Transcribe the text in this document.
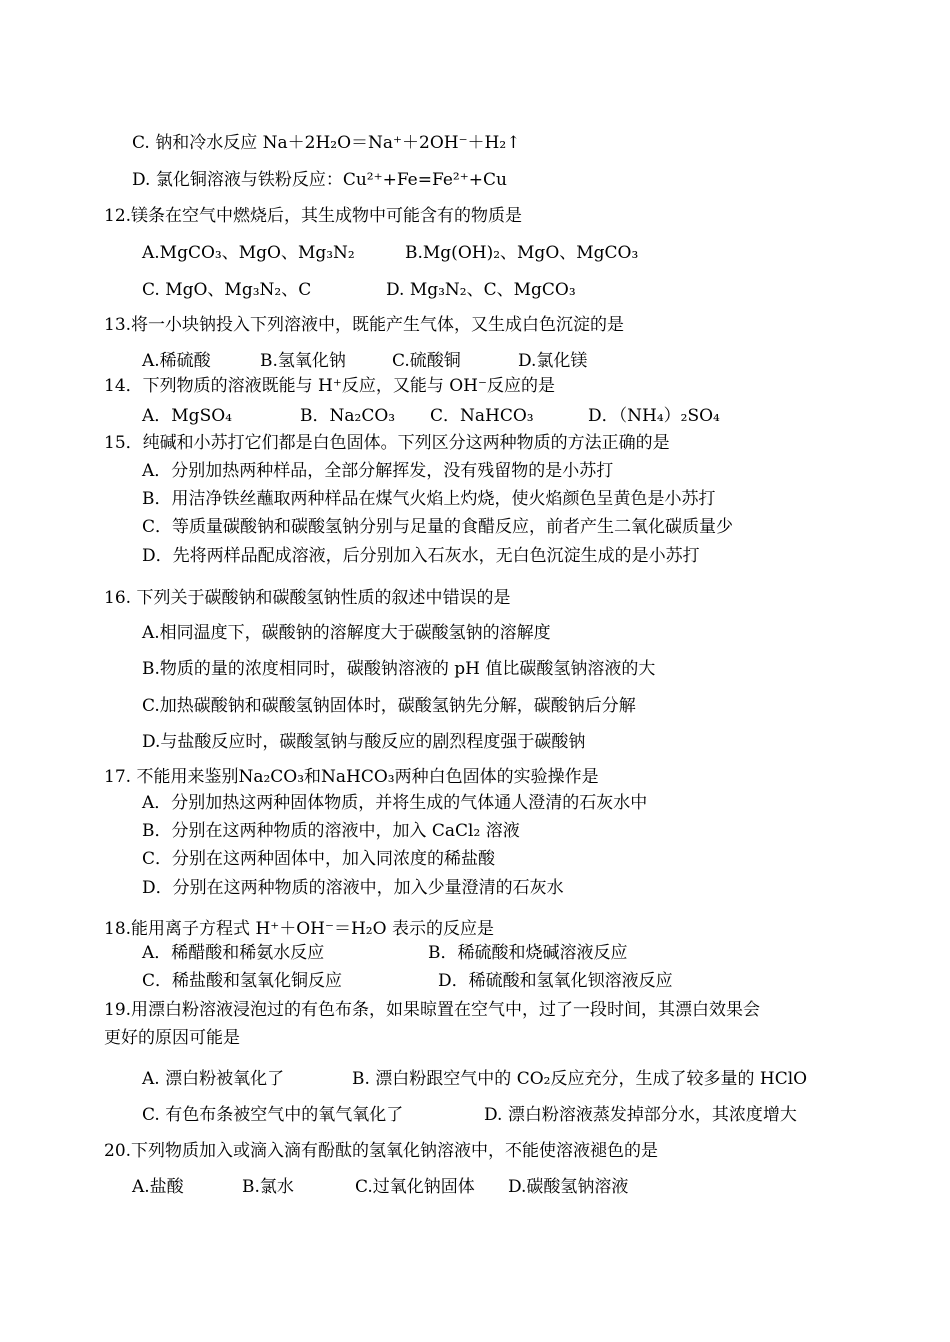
C. 钠和冷水反应 Na＋2H₂O＝Na⁺＋2OH⁻＋H₂↑
D. 氯化铜溶液与铁粉反应：Cu²⁺+Fe=Fe²⁺+Cu
12.镁条在空气中燃烧后，其生成物中可能含有的物质是
A.MgCO₃、MgO、Mg₃N₂	B.Mg(OH)₂、MgO、MgCO₃
C. MgO、Mg₃N₂、C	D. Mg₃N₂、C、MgCO₃
13.将一小块钠投入下列溶液中，既能产生气体，又生成白色沉淀的是
A.稀硫酸	B.氢氧化钠	C.硫酸铜	D.氯化镁
14．下列物质的溶液既能与 H⁺反应，又能与 OH⁻反应的是
A．MgSO₄	B．Na₂CO₃ C．NaHCO₃	D．（NH₄）₂SO₄
15．纯碱和小苏打它们都是白色固体。下列区分这两种物质的方法正确的是
A．分别加热两种样品，全部分解挥发，没有残留物的是小苏打
B．用洁净铁丝蘸取两种样品在煤气火焰上灼烧，使火焰颜色呈黄色是小苏打
C．等质量碳酸钠和碳酸氢钠分别与足量的食醋反应，前者产生二氧化碳质量少
D．先将两样品配成溶液，后分别加入石灰水，无白色沉淀生成的是小苏打
16. 下列关于碳酸钠和碳酸氢钠性质的叙述中错误的是
A.相同温度下，碳酸钠的溶解度大于碳酸氢钠的溶解度
B.物质的量的浓度相同时，碳酸钠溶液的 pH 值比碳酸氢钠溶液的大
C.加热碳酸钠和碳酸氢钠固体时，碳酸氢钠先分解，碳酸钠后分解
D.与盐酸反应时，碳酸氢钠与酸反应的剧烈程度强于碳酸钠
17. 不能用来鉴别Na₂CO₃和NaHCO₃两种白色固体的实验操作是
A．分别加热这两种固体物质，并将生成的气体通人澄清的石灰水中
B．分别在这两种物质的溶液中，加入 CaCl₂ 溶液
C．分别在这两种固体中，加入同浓度的稀盐酸
D．分别在这两种物质的溶液中，加入少量澄清的石灰水
18.能用离子方程式 H⁺＋OH⁻＝H₂O 表示的反应是
A．稀醋酸和稀氨水反应	B．稀硫酸和烧碱溶液反应
C．稀盐酸和氢氧化铜反应	D．稀硫酸和氢氧化钡溶液反应
19.用漂白粉溶液浸泡过的有色布条，如果晾置在空气中，过了一段时间，其漂白效果会
更好的原因可能是
A. 漂白粉被氧化了	B. 漂白粉跟空气中的 CO₂反应充分，生成了较多量的 HClO
C. 有色布条被空气中的氧气氧化了	D. 漂白粉溶液蒸发掉部分水，其浓度增大
20.下列物质加入或滴入滴有酚酞的氢氧化钠溶液中，不能使溶液褪色的是
A.盐酸	B.氯水	C.过氧化钠固体 D.碳酸氢钠溶液
